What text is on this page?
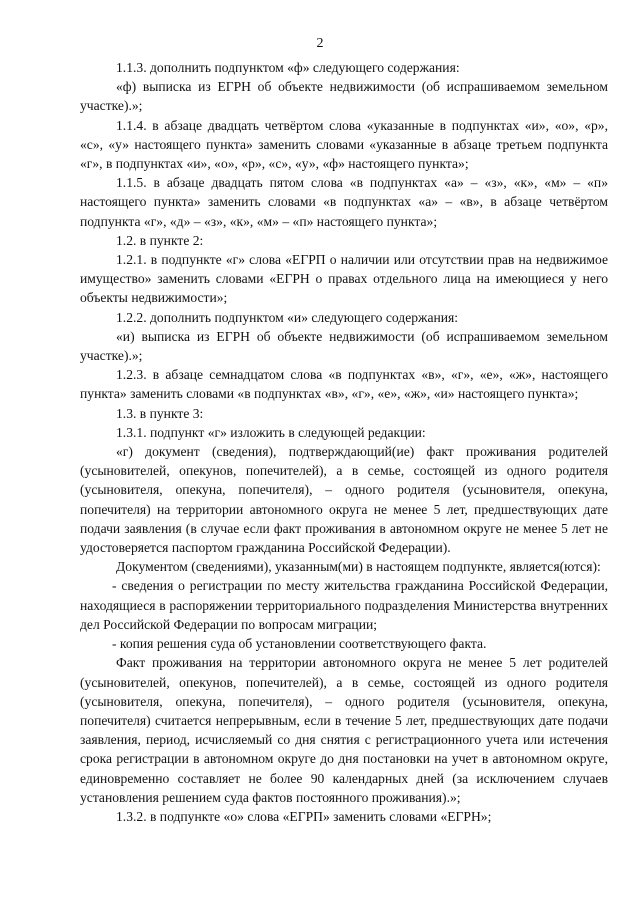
2

1.1.3. дополнить подпунктом «ф» следующего содержания:

«ф) выписка из ЕГРН об объекте недвижимости (об испрашиваемом земельном участке).»;

1.1.4. в абзаце двадцать четвёртом слова «указанные в подпунктах «и», «о», «р», «с», «у» настоящего пункта» заменить словами «указанные в абзаце третьем подпункта «г», в подпунктах «и», «о», «р», «с», «у», «ф» настоящего пункта»;

1.1.5. в абзаце двадцать пятом слова «в подпунктах «а» – «з», «к», «м» – «п» настоящего пункта» заменить словами «в подпунктах «а» – «в», в абзаце четвёртом подпункта «г», «д» – «з», «к», «м» – «п» настоящего пункта»;

1.2. в пункте 2:

1.2.1. в подпункте «г» слова «ЕГРП о наличии или отсутствии прав на недвижимое имущество» заменить словами «ЕГРН о правах отдельного лица на имеющиеся у него объекты недвижимости»;

1.2.2. дополнить подпунктом «и» следующего содержания:

«и) выписка из ЕГРН об объекте недвижимости (об испрашиваемом земельном участке).»;

1.2.3. в абзаце семнадцатом слова «в подпунктах «в», «г», «е», «ж», настоящего пункта» заменить словами «в подпунктах «в», «г», «е», «ж», «и» настоящего пункта»;

1.3. в пункте 3:

1.3.1. подпункт «г» изложить в следующей редакции:

«г) документ (сведения), подтверждающий(ие) факт проживания родителей (усыновителей, опекунов, попечителей), а в семье, состоящей из одного родителя (усыновителя, опекуна, попечителя), – одного родителя (усыновителя, опекуна, попечителя) на территории автономного округа не менее 5 лет, предшествующих дате подачи заявления (в случае если факт проживания в автономном округе не менее 5 лет не удостоверяется паспортом гражданина Российской Федерации).

Документом (сведениями), указанным(ми) в настоящем подпункте, является(ются):

- сведения о регистрации по месту жительства гражданина Российской Федерации, находящиеся в распоряжении территориального подразделения Министерства внутренних дел Российской Федерации по вопросам миграции;

- копия решения суда об установлении соответствующего факта.

Факт проживания на территории автономного округа не менее 5 лет родителей (усыновителей, опекунов, попечителей), а в семье, состоящей из одного родителя (усыновителя, опекуна, попечителя), – одного родителя (усыновителя, опекуна, попечителя) считается непрерывным, если в течение 5 лет, предшествующих дате подачи заявления, период, исчисляемый со дня снятия с регистрационного учета или истечения срока регистрации в автономном округе до дня постановки на учет в автономном округе, единовременно составляет не более 90 календарных дней (за исключением случаев установления решением суда фактов постоянного проживания).»;

1.3.2. в подпункте «о» слова «ЕГРП» заменить словами «ЕГРН»;
